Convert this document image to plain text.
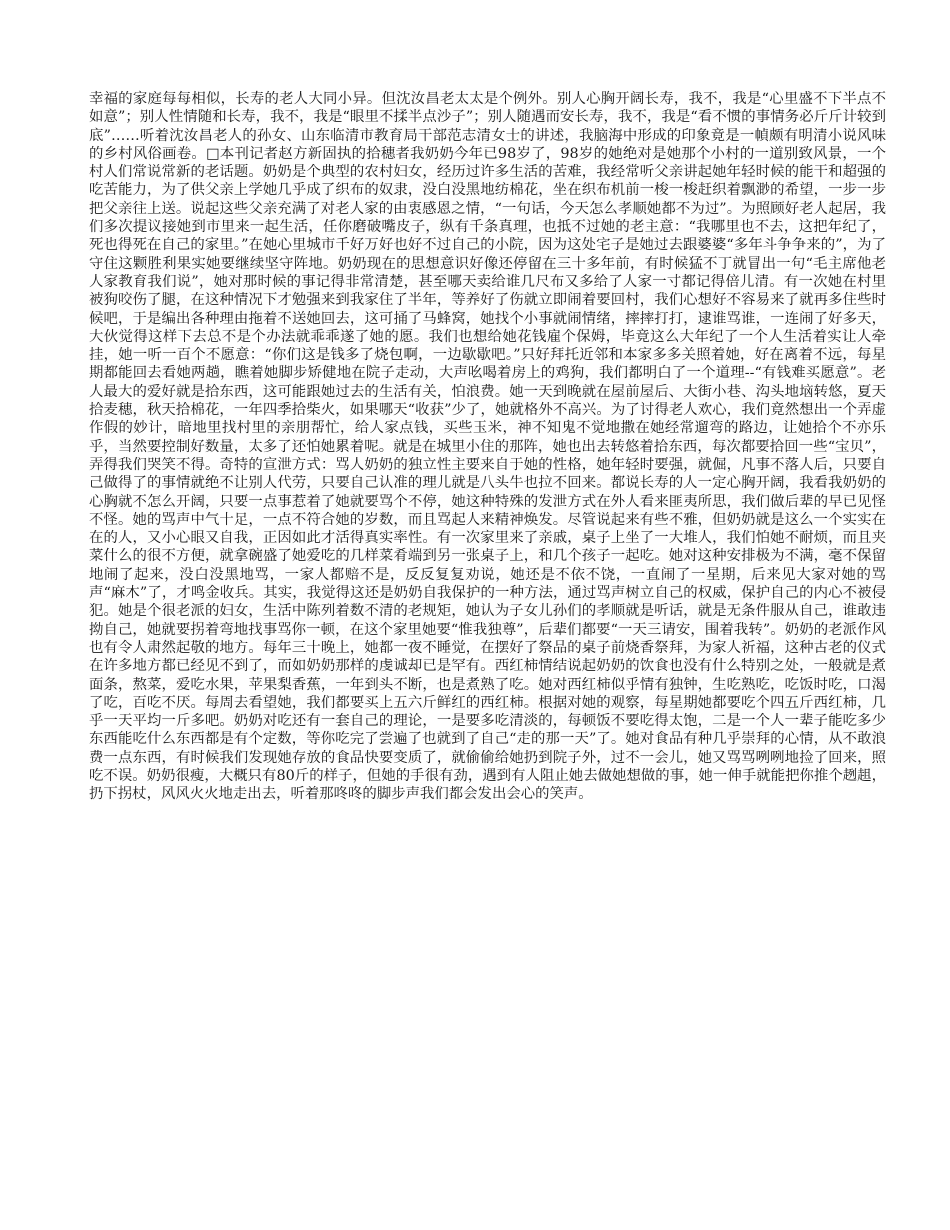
幸福的家庭每每相似，长寿的老人大同小异。但沈汝昌老太太是个例外。别人心胸开阔长寿，我不，我是“心里盛不下半点不如意”；别人性情随和长寿，我不，我是“眼里不揉半点沙子”；别人随遇而安长寿，我不，我是“看不惯的事情务必斤斤计较到底”……听着沈汝昌老人的孙女、山东临清市教育局干部范志清女士的讲述，我脑海中形成的印象竟是一幀颇有明清小说风味的乡村风俗画卷。□本刊记者赵方新固执的拾穗者我奶奶今年已98岁了，98岁的她绝对是她那个小村的一道别致风景，一个村人们常说常新的老话题。奶奶是个典型的农村妇女，经历过许多生活的苦难，我经常听父亲讲起她年轻时候的能干和超强的吃苦能力，为了供父亲上学她几乎成了织布的奴隶，没白没黑地纺棉花，坐在织布机前一梭一梭赶织着飘渺的希望，一步一步把父亲往上送。说起这些父亲充满了对老人家的由衷感恩之情，“一句话，今天怎么孝顺她都不为过”。为照顾好老人起居，我们多次提议接她到市里来一起生活，任你磨破嘴皮子，纵有千条真理，也抵不过她的老主意：“我哪里也不去，这把年纪了，死也得死在自己的家里。”在她心里城市千好万好也好不过自己的小院，因为这处宅子是她过去跟婆婆“多年斗争争来的”，为了守住这颗胜利果实她要继续坚守阵地。奶奶现在的思想意识好像还停留在三十多年前，有时候猛不丁就冒出一句“毛主席他老人家教育我们说”，她对那时候的事记得非常清楚，甚至哪天卖给谁几尺布又多给了人家一寸都记得倍儿清。有一次她在村里被狗咬伤了腿，在这种情况下才勉强来到我家住了半年，等养好了伤就立即闹着要回村，我们心想好不容易来了就再多住些时候吧，于是编出各种理由拖着不送她回去，这可捅了马蜂窝，她找个小事就闹情绪，摔摔打打，逮谁骂谁，一连闹了好多天，大伙觉得这样下去总不是个办法就乖乖遂了她的愿。我们也想给她花钱雇个保姆，毕竟这么大年纪了一个人生活着实让人牵挂，她一听一百个不愿意：“你们这是钱多了烧包啊，一边歇歇吧。”只好拜托近邻和本家多多关照着她，好在离着不远，每星期都能回去看她两趟，瞧着她脚步矫健地在院子走动，大声吆喝着房上的鸡狗，我们都明白了一个道理--“有钱难买愿意”。老人最大的爱好就是拾东西，这可能跟她过去的生活有关，怕浪费。她一天到晚就在屋前屋后、大街小巷、沟头地垴转悠，夏天拾麦穗，秋天拾棉花，一年四季拾柴火，如果哪天“收获”少了，她就格外不高兴。为了讨得老人欢心，我们竟然想出一个弄虚作假的妙计，暗地里找村里的亲朋帮忙，给人家点钱，买些玉米，神不知鬼不觉地撒在她经常遛弯的路边，让她拾个不亦乐乎，当然要控制好数量，太多了还怕她累着呢。就是在城里小住的那阵，她也出去转悠着拾东西，每次都要拾回一些“宝贝”，弄得我们哭笑不得。奇特的宣泄方式：骂人奶奶的独立性主要来自于她的性格，她年轻时要强，就倔，凡事不落人后，只要自己做得了的事情就绝不让别人代劳，只要自己认准的理儿就是八头牛也拉不回来。都说长寿的人一定心胸开阔，我看我奶奶的心胸就不怎么开阔，只要一点事惹着了她就要骂个不停，她这种特殊的发泄方式在外人看来匪夷所思，我们做后辈的早已见怪不怪。她的骂声中气十足，一点不符合她的岁数，而且骂起人来精神焕发。尽管说起来有些不雅，但奶奶就是这么一个实实在在的人，又小心眼又自我，正因如此才活得真实率性。有一次家里来了亲戚，桌子上坐了一大堆人，我们怕她不耐烦，而且夹菜什么的很不方便，就拿碗盛了她爱吃的几样菜肴端到另一张桌子上，和几个孩子一起吃。她对这种安排极为不满，毫不保留地闹了起来，没白没黑地骂，一家人都赔不是，反反复复劝说，她还是不依不饶，一直闹了一星期，后来见大家对她的骂声“麻木”了，才鸣金收兵。其实，我觉得这还是奶奶自我保护的一种方法，通过骂声树立自己的权威，保护自己的内心不被侵犯。她是个很老派的妇女，生活中陈列着数不清的老规矩，她认为子女儿孙们的孝顺就是听话，就是无条件服从自己，谁敢违拗自己，她就要拐着弯地找事骂你一顿，在这个家里她要“惟我独尊”，后辈们都要“一天三请安，围着我转”。奶奶的老派作风也有令人肃然起敬的地方。每年三十晚上，她都一夜不睡觉，在摆好了祭品的桌子前烧香祭拜，为家人祈福，这种古老的仪式在许多地方都已经见不到了，而如奶奶那样的虔诚却已是罕有。西红柿情结说起奶奶的饮食也没有什么特别之处，一般就是煮面条，熬菜，爱吃水果，苹果梨香蕉，一年到头不断，也是煮熟了吃。她对西红柿似乎情有独钟，生吃熟吃，吃饭时吃，口渴了吃，百吃不厌。每周去看望她，我们都要买上五六斤鲜红的西红柿。根据对她的观察，每星期她都要吃个四五斤西红柿，几乎一天平均一斤多吧。奶奶对吃还有一套自己的理论，一是要多吃清淡的，每顿饭不要吃得太饱，二是一个人一辈子能吃多少东西能吃什么东西都是有个定数，等你吃完了尝遍了也就到了自己“走的那一天”了。她对食品有种几乎崇拜的心情，从不敢浪费一点东西，有时候我们发现她存放的食品快要变质了，就偷偷给她扔到院子外，过不一会儿，她又骂骂咧咧地捡了回来，照吃不误。奶奶很瘦，大概只有80斤的样子，但她的手很有劲，遇到有人阻止她去做她想做的事，她一伸手就能把你推个趔趄，扔下拐杖，风风火火地走出去，听着那咚咚的脚步声我们都会发出会心的笑声。
